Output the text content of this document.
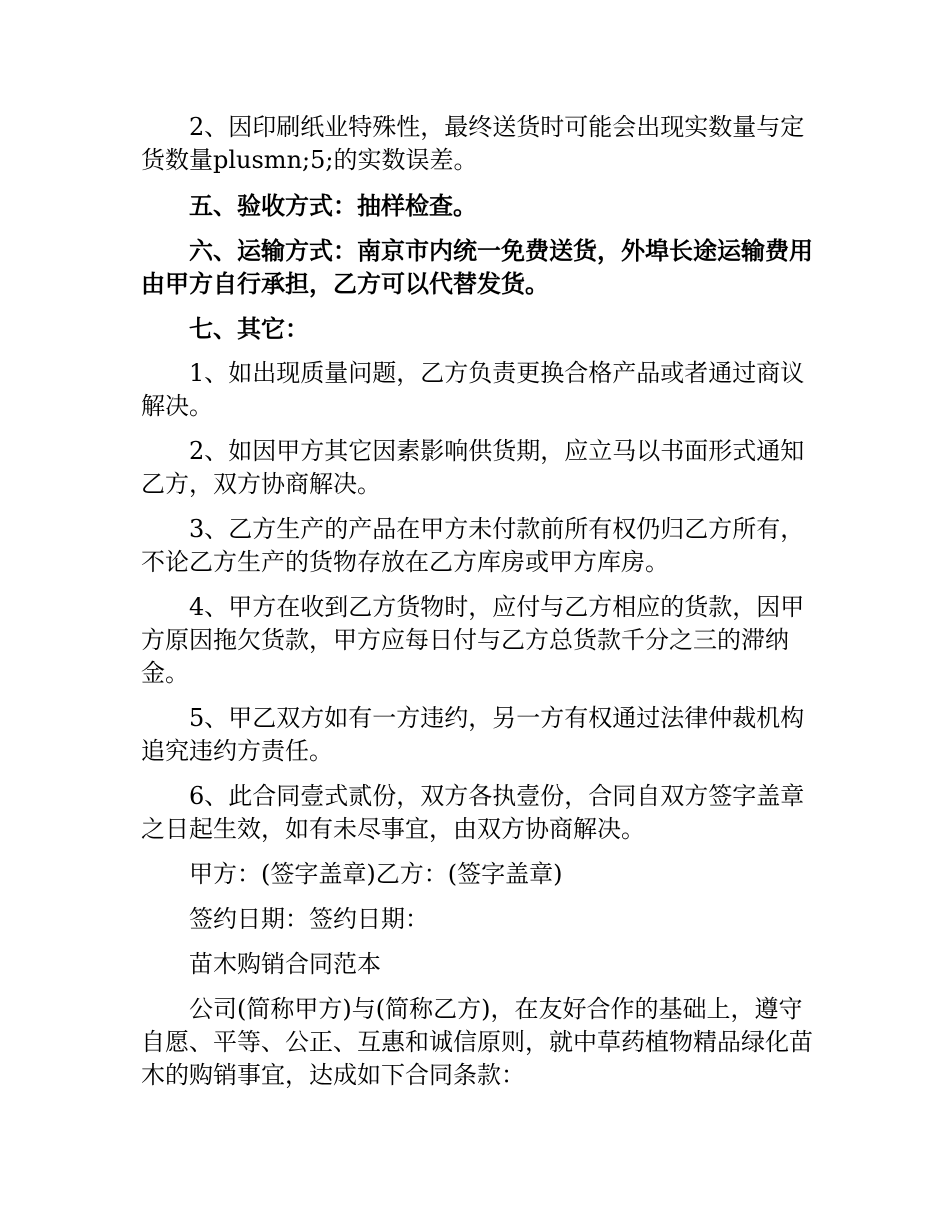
2、因印刷纸业特殊性，最终送货时可能会出现实数量与定货数量plusmn;5;的实数误差。

五、验收方式：抽样检查。

六、运输方式：南京市内统一免费送货，外埠长途运输费用由甲方自行承担，乙方可以代替发货。

七、其它：

1、如出现质量问题，乙方负责更换合格产品或者通过商议解决。

2、如因甲方其它因素影响供货期，应立马以书面形式通知乙方，双方协商解决。

3、乙方生产的产品在甲方未付款前所有权仍归乙方所有，不论乙方生产的货物存放在乙方库房或甲方库房。

4、甲方在收到乙方货物时，应付与乙方相应的货款，因甲方原因拖欠货款，甲方应每日付与乙方总货款千分之三的滞纳金。

5、甲乙双方如有一方违约，另一方有权通过法律仲裁机构追究违约方责任。

6、此合同壹式贰份，双方各执壹份，合同自双方签字盖章之日起生效，如有未尽事宜，由双方协商解决。

甲方：(签字盖章)乙方：(签字盖章)

签约日期：签约日期：

苗木购销合同范本

公司(简称甲方)与(简称乙方)，在友好合作的基础上，遵守自愿、平等、公正、互惠和诚信原则，就中草药植物精品绿化苗木的购销事宜，达成如下合同条款：
